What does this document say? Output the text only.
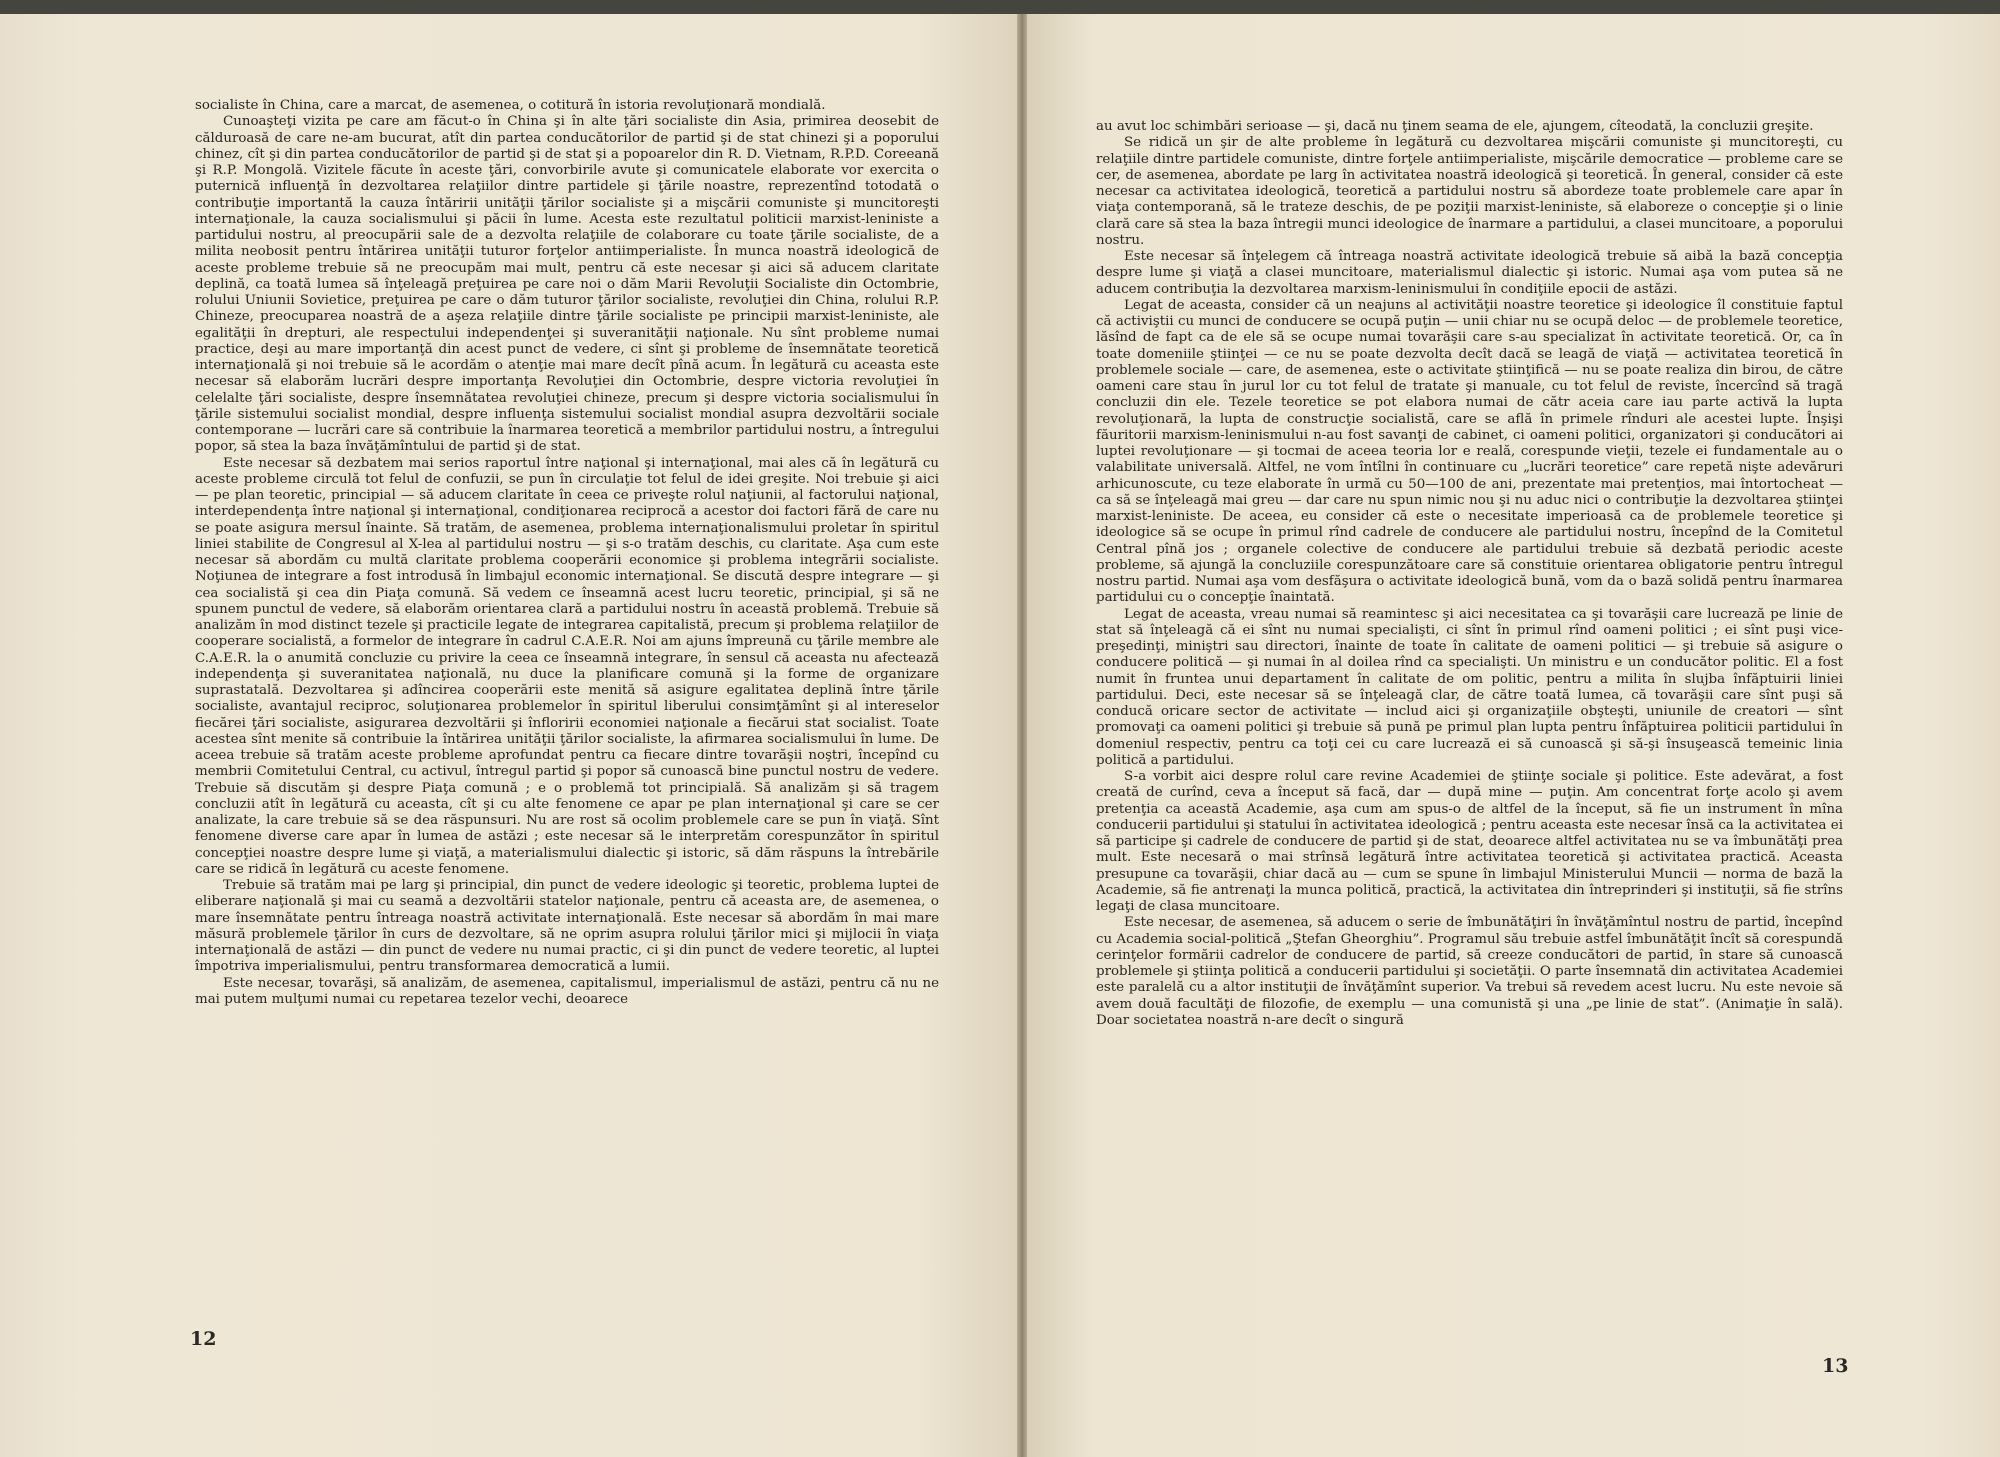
socialiste în China, care a marcat, de asemenea, o cotitură în istoria revoluţionară mondială.

Cunoaşteţi vizita pe care am făcut-o în China şi în alte ţări socialiste din Asia, primirea deosebit de călduroasă de care ne-am bucurat, atît din partea conducătorilor de partid şi de stat chinezi şi a poporului chinez, cît şi din partea conducătorilor de partid şi de stat şi a popoarelor din R. D. Vietnam, R.P.D. Coreeană şi R.P. Mongolă. Vizitele făcute în aceste ţări, convorbirile avute şi comunicatele elaborate vor exercita o puternică influenţă în dezvoltarea relaţiilor dintre partidele şi ţările noastre, reprezentînd totodată o contribuţie importantă la cauza întăririi unităţii ţărilor socialiste şi a mişcării comuniste şi muncitoreşti internaţionale, la cauza socialismului şi păcii în lume. Acesta este rezultatul politicii marxist-leniniste a partidului nostru, al preocupării sale de a dezvolta relaţiile de colaborare cu toate ţările socialiste, de a milita neobosit pentru întărirea unităţii tuturor forţelor antiimperialiste. În munca noastră ideologică de aceste probleme trebuie să ne preocupăm mai mult, pentru că este necesar şi aici să aducem claritate deplină, ca toată lumea să înţeleagă preţuirea pe care noi o dăm Marii Revoluţii Socialiste din Octombrie, rolului Uniunii Sovietice, preţuirea pe care o dăm tuturor ţărilor socialiste, revoluţiei din China, rolului R.P. Chineze, preocuparea noastră de a aşeza relaţiile dintre ţările socialiste pe principii marxist-leniniste, ale egalităţii în drepturi, ale respectului independenţei şi suveranităţii naţionale. Nu sînt probleme numai practice, deşi au mare importanţă din acest punct de vedere, ci sînt şi probleme de însemnătate teoretică internaţională şi noi trebuie să le acordăm o atenţie mai mare decît pînă acum. În legătură cu aceasta este necesar să elaborăm lucrări despre importanţa Revoluţiei din Octombrie, despre victoria revoluţiei în celelalte ţări socialiste, despre însemnătatea revoluţiei chineze, precum şi despre victoria socialismului în ţările sistemului socialist mondial, despre influenţa sistemului socialist mondial asupra dezvoltării sociale contemporane — lucrări care să contribuie la înarmarea teoretică a membrilor partidului nostru, a întregului popor, să stea la baza învăţămîntului de partid şi de stat.

Este necesar să dezbatem mai serios raportul între naţional şi internaţional, mai ales că în legătură cu aceste probleme circulă tot felul de confuzii, se pun în circulaţie tot felul de idei greşite. Noi trebuie şi aici — pe plan teoretic, principial — să aducem claritate în ceea ce priveşte rolul naţiunii, al factorului naţional, interdependenţa între naţional şi internaţional, condiţionarea reciprocă a acestor doi factori fără de care nu se poate asigura mersul înainte. Să tratăm, de asemenea, problema internaţionalismului proletar în spiritul liniei stabilite de Congresul al X-lea al partidului nostru — şi s-o tratăm deschis, cu claritate. Aşa cum este necesar să abordăm cu multă claritate problema cooperării economice şi problema integrării socialiste. Noţiunea de integrare a fost introdusă în limbajul economic internaţional. Se discută despre integrare — şi cea socialistă şi cea din Piaţa comună. Să vedem ce înseamnă acest lucru teoretic, principial, şi să ne spunem punctul de vedere, să elaborăm orientarea clară a partidului nostru în această problemă. Trebuie să analizăm în mod distinct tezele şi practicile legate de integrarea capitalistă, precum şi problema relaţiilor de cooperare socialistă, a formelor de integrare în cadrul C.A.E.R. Noi am ajuns împreună cu ţările membre ale C.A.E.R. la o anumită concluzie cu privire la ceea ce înseamnă integrare, în sensul că aceasta nu afectează independenţa şi suveranitatea naţională, nu duce la planificare comună şi la forme de organizare suprastatală. Dezvoltarea şi adîncirea cooperării este menită să asigure egalitatea deplină între ţările socialiste, avantajul reciproc, soluţionarea problemelor în spiritul liberului consimţămînt şi al intereselor fiecărei ţări socialiste, asigurarea dezvoltării şi înfloririi economiei naţionale a fiecărui stat socialist. Toate acestea sînt menite să contribuie la întărirea unităţii ţărilor socialiste, la afirmarea socialismului în lume. De aceea trebuie să tratăm aceste probleme aprofundat pentru ca fiecare dintre tovarăşii noştri, începînd cu membrii Comitetului Central, cu activul, întregul partid şi popor să cunoască bine punctul nostru de vedere. Trebuie să discutăm şi despre Piaţa comună ; e o problemă tot principială. Să analizăm şi să tragem concluzii atît în legătură cu aceasta, cît şi cu alte fenomene ce apar pe plan internaţional şi care se cer analizate, la care trebuie să se dea răspunsuri. Nu are rost să ocolim problemele care se pun în viaţă. Sînt fenomene diverse care apar în lumea de astăzi ; este necesar să le interpretăm corespunzător în spiritul concepţiei noastre despre lume şi viaţă, a materialismului dialectic şi istoric, să dăm răspuns la întrebările care se ridică în legătură cu aceste fenomene.

Trebuie să tratăm mai pe larg şi principial, din punct de vedere ideologic şi teoretic, problema luptei de eliberare naţională şi mai cu seamă a dezvoltării statelor naţionale, pentru că aceasta are, de asemenea, o mare însemnătate pentru întreaga noastră activitate internaţională. Este necesar să abordăm în mai mare măsură problemele ţărilor în curs de dezvoltare, să ne oprim asupra rolului ţărilor mici şi mijlocii în viaţa internaţională de astăzi — din punct de vedere nu numai practic, ci şi din punct de vedere teoretic, al luptei împotriva imperialismului, pentru transformarea democratică a lumii.

Este necesar, tovarăşi, să analizăm, de asemenea, capitalismul, imperialismul de astăzi, pentru că nu ne mai putem mulţumi numai cu repetarea tezelor vechi, deoarece

12

au avut loc schimbări serioase — şi, dacă nu ţinem seama de ele, ajungem, cîteodată, la concluzii greşite.

Se ridică un şir de alte probleme în legătură cu dezvoltarea mişcării comuniste şi muncitoreşti, cu relaţiile dintre partidele comuniste, dintre forţele antiimperialiste, mişcările democratice — probleme care se cer, de asemenea, abordate pe larg în activitatea noastră ideologică şi teoretică. În general, consider că este necesar ca activitatea ideologică, teoretică a partidului nostru să abordeze toate problemele care apar în viaţa contemporană, să le trateze deschis, de pe poziţii marxist-leniniste, să elaboreze o concepţie şi o linie clară care să stea la baza întregii munci ideologice de înarmare a partidului, a clasei muncitoare, a poporului nostru.

Este necesar să înţelegem că întreaga noastră activitate ideologică trebuie să aibă la bază concepţia despre lume şi viaţă a clasei muncitoare, materialismul dialectic şi istoric. Numai aşa vom putea să ne aducem contribuţia la dezvoltarea marxism-leninismului în condiţiile epocii de astăzi.

Legat de aceasta, consider că un neajuns al activităţii noastre teoretice şi ideologice îl constituie faptul că activiştii cu munci de conducere se ocupă puţin — unii chiar nu se ocupă deloc — de problemele teoretice, lăsînd de fapt ca de ele să se ocupe numai tovarăşii care s-au specializat în activitate teoretică. Or, ca în toate domeniile ştiinţei — ce nu se poate dezvolta decît dacă se leagă de viaţă — activitatea teoretică în problemele sociale — care, de asemenea, este o activitate ştiinţifică — nu se poate realiza din birou, de către oameni care stau în jurul lor cu tot felul de tratate şi manuale, cu tot felul de reviste, încercînd să tragă concluzii din ele. Tezele teoretice se pot elabora numai de cătr aceia care iau parte activă la lupta revoluţionară, la lupta de construcţie socialistă, care se află în primele rînduri ale acestei lupte. Înşişi făuritorii marxism-leninismului n-au fost savanţi de cabinet, ci oameni politici, organizatori şi conducători ai luptei revoluţionare — şi tocmai de aceea teoria lor e reală, corespunde vieţii, tezele ei fundamentale au o valabilitate universală. Altfel, ne vom întîlni în continuare cu „lucrări teoretice” care repetă nişte adevăruri arhicunoscute, cu teze elaborate în urmă cu 50—100 de ani, prezentate mai pretenţios, mai întortocheat — ca să se înţeleagă mai greu — dar care nu spun nimic nou şi nu aduc nici o contribuţie la dezvoltarea ştiinţei marxist-leniniste. De aceea, eu consider că este o necesitate imperioasă ca de problemele teoretice şi ideologice să se ocupe în primul rînd cadrele de conducere ale partidului nostru, începînd de la Comitetul Central pînă jos ; organele colective de conducere ale partidului trebuie să dezbată periodic aceste probleme, să ajungă la concluziile corespunzătoare care să constituie orientarea obligatorie pentru întregul nostru partid. Numai aşa vom desfăşura o activitate ideologică bună, vom da o bază solidă pentru înarmarea partidului cu o concepţie înaintată.

Legat de aceasta, vreau numai să reamintesc şi aici necesitatea ca şi tovarăşii care lucrează pe linie de stat să înţeleagă că ei sînt nu numai specialişti, ci sînt în primul rînd oameni politici ; ei sînt puşi vice-preşedinţi, miniştri sau directori, înainte de toate în calitate de oameni politici — şi trebuie să asigure o conducere politică — şi numai în al doilea rînd ca specialişti. Un ministru e un conducător politic. El a fost numit în fruntea unui departament în calitate de om politic, pentru a milita în slujba înfăptuirii liniei partidului. Deci, este necesar să se înţeleagă clar, de către toată lumea, că tovarăşii care sînt puşi să conducă oricare sector de activitate — includ aici şi organizaţiile obşteşti, uniunile de creatori — sînt promovaţi ca oameni politici şi trebuie să pună pe primul plan lupta pentru înfăptuirea politicii partidului în domeniul respectiv, pentru ca toţi cei cu care lucrează ei să cunoască şi să-şi însuşească temeinic linia politică a partidului.

S-a vorbit aici despre rolul care revine Academiei de ştiinţe sociale şi politice. Este adevărat, a fost creată de curînd, ceva a început să facă, dar — după mine — puţin. Am concentrat forţe acolo şi avem pretenţia ca această Academie, aşa cum am spus-o de altfel de la început, să fie un instrument în mîna conducerii partidului şi statului în activitatea ideologică ; pentru aceasta este necesar însă ca la activitatea ei să participe şi cadrele de conducere de partid şi de stat, deoarece altfel activitatea nu se va îmbunătăţi prea mult. Este necesară o mai strînsă legătură între activitatea teoretică şi activitatea practică. Aceasta presupune ca tovarăşii, chiar dacă au — cum se spune în limbajul Ministerului Muncii — norma de bază la Academie, să fie antrenaţi la munca politică, practică, la activitatea din întreprinderi şi instituţii, să fie strîns legaţi de clasa muncitoare.

Este necesar, de asemenea, să aducem o serie de îmbunătăţiri în învăţămîntul nostru de partid, începînd cu Academia social-politică „Ştefan Gheorghiu”. Programul său trebuie astfel îmbunătăţit încît să corespundă cerinţelor formării cadrelor de conducere de partid, să creeze conducători de partid, în stare să cunoască problemele şi ştiinţa politică a conducerii partidului şi societăţii. O parte însemnată din activitatea Academiei este paralelă cu a altor instituţii de învăţămînt superior. Va trebui să revedem acest lucru. Nu este nevoie să avem două facultăţi de filozofie, de exemplu — una comunistă şi una „pe linie de stat”. (Animaţie în sală). Doar societatea noastră n-are decît o singură

13
